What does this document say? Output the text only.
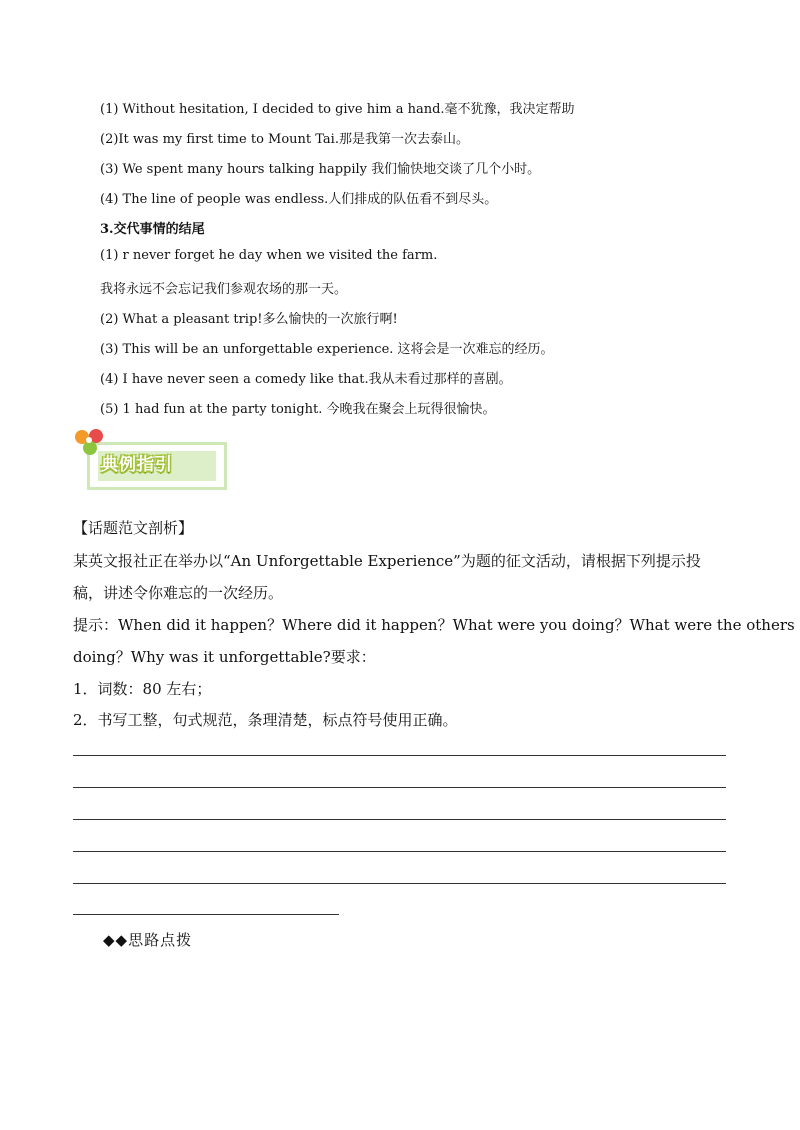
(1) Without hesitation, I decided to give him a hand.毫不犹豫，我决定帮助
(2)It was my first time to Mount Tai.那是我第一次去泰山。
(3) We spent many hours talking happily 我们愉快地交谈了几个小时。
(4) The line of people was endless.人们排成的队伍看不到尽头。
3.交代事情的结尾
(1) r never forget he day when we visited the farm.
我将永远不会忘记我们参观农场的那一天。
(2) What a pleasant trip!多么愉快的一次旅行啊!
(3) This will be an unforgettable experience. 这将会是一次难忘的经历。
(4) I have never seen a comedy like that.我从未看过那样的喜剧。
(5) 1 had fun at the party tonight. 今晚我在聚会上玩得很愉快。
典例指引
【话题范文剖析】
某英文报社正在举办以“An Unforgettable Experience”为题的征文活动，请根据下列提示投
稿，讲述令你难忘的一次经历。
提示：When did it happen？Where did it happen？What were you doing？What were the others
doing？Why was it unforgettable?要求：
1．词数：80 左右；
2．书写工整，句式规范，条理清楚，标点符号使用正确。
◆◆思路点拨
